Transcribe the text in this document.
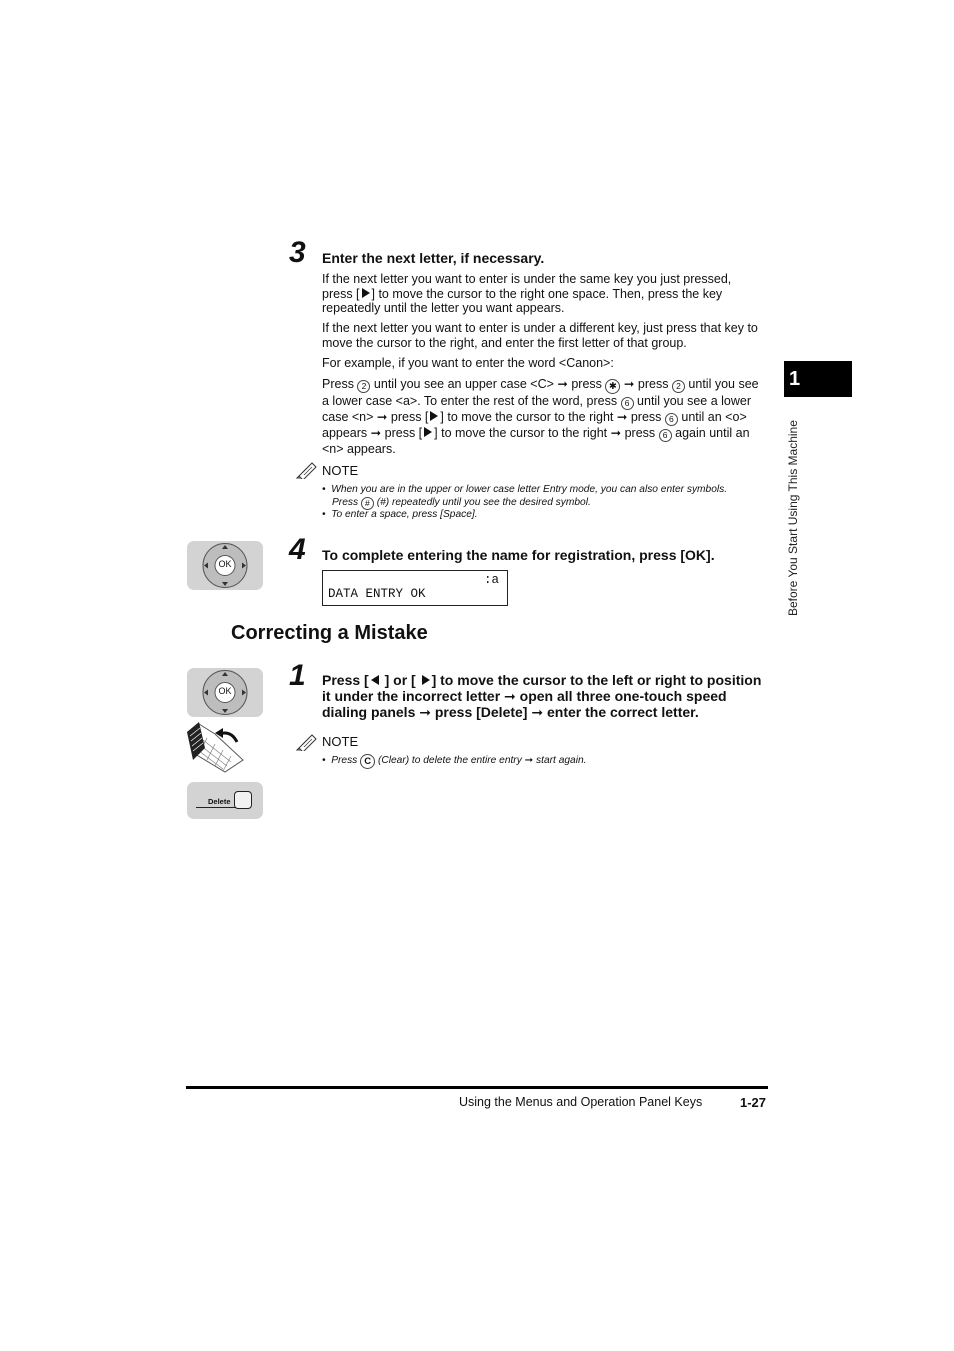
1
Before You Start Using This Machine
3 Enter the next letter, if necessary.
If the next letter you want to enter is under the same key you just pressed,
press [ ] to move the cursor to the right one space. Then, press the key
repeatedly until the letter you want appears.
If the next letter you want to enter is under a different key, just press that key to
move the cursor to the right, and enter the first letter of that group.
For example, if you want to enter the word <Canon>:
Press 2 until you see an upper case <C> ➞ press ✱ ➞ press 2 until you see
a lower case <a>. To enter the rest of the word, press 6 until you see a lower
case <n> ➞ press [ ] to move the cursor to the right ➞ press 6 until an <o>
appears ➞ press [ ] to move the cursor to the right ➞ press 6 again until an
<n> appears.
NOTE
•  When you are in the upper or lower case letter Entry mode, you can also enter symbols.
Press # (#) repeatedly until you see the desired symbol.
•  To enter a space, press [Space].
OK 4 To complete entering the name for registration, press [OK].
:a
DATA ENTRY OK
Correcting a Mistake
OK
Delete
1 Press [ ] or [ ] to move the cursor to the left or right to position
it under the incorrect letter ➞ open all three one-touch speed
dialing panels ➞ press [Delete] ➞ enter the correct letter.
NOTE
•  Press C (Clear) to delete the entire entry ➞ start again.
Using the Menus and Operation Panel Keys	1-27
